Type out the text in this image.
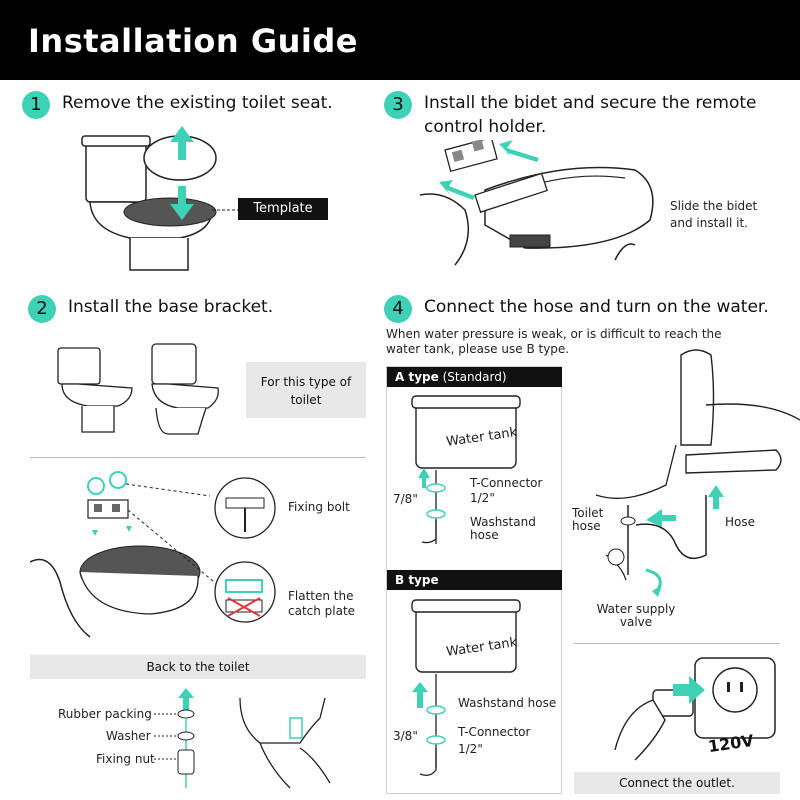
Installation Guide
1	Remove the existing toilet seat.
Template
3	Install the bidet and secure the remote control holder.
Slide the bidet and install it.
2	Install the base bracket.
For this type of toilet
Fixing bolt
Flatten the catch plate
Back to the toilet
Rubber packing
Washer
Fixing nut
4	Connect the hose and turn on the water.
When water pressure is weak, or is difficult to reach the water tank, please use B type.
A type (Standard)
Water tank
T-Connector
1/2"
7/8"
Washstand hose
B type
Water tank
Washstand hose
T-Connector
1/2"
3/8"
Toilet hose	Hose
Water supply valve
120V
Connect the outlet.
